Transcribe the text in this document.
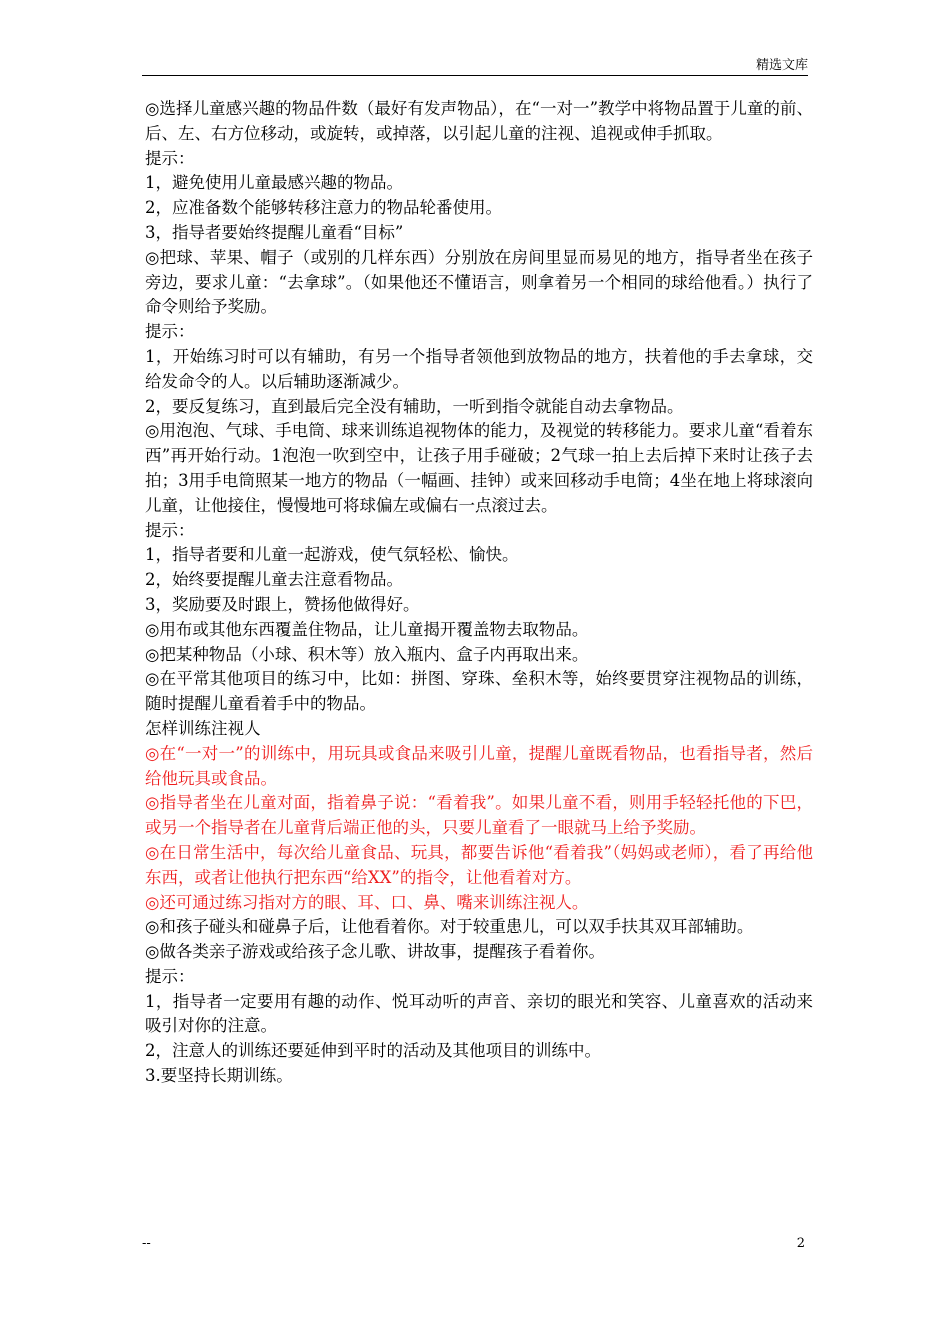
精选文库

◎选择儿童感兴趣的物品件数（最好有发声物品），在“一对一”教学中将物品置于儿童的前、后、左、右方位移动，或旋转，或掉落，以引起儿童的注视、追视或伸手抓取。

提示：

1，避免使用儿童最感兴趣的物品。

2，应准备数个能够转移注意力的物品轮番使用。

3，指导者要始终提醒儿童看“目标”

◎把球、苹果、帽子（或别的几样东西）分别放在房间里显而易见的地方，指导者坐在孩子旁边，要求儿童：“去拿球”。（如果他还不懂语言，则拿着另一个相同的球给他看。）执行了命令则给予奖励。

提示：

1，开始练习时可以有辅助，有另一个指导者领他到放物品的地方，扶着他的手去拿球，交给发命令的人。以后辅助逐渐减少。

2，要反复练习，直到最后完全没有辅助，一听到指令就能自动去拿物品。

◎用泡泡、气球、手电筒、球来训练追视物体的能力，及视觉的转移能力。要求儿童“看着东西”再开始行动。1泡泡一吹到空中，让孩子用手碰破；2气球一拍上去后掉下来时让孩子去拍；3用手电筒照某一地方的物品（一幅画、挂钟）或来回移动手电筒；4坐在地上将球滚向儿童，让他接住，慢慢地可将球偏左或偏右一点滚过去。

提示：

1，指导者要和儿童一起游戏，使气氛轻松、愉快。

2，始终要提醒儿童去注意看物品。

3，奖励要及时跟上，赞扬他做得好。

◎用布或其他东西覆盖住物品，让儿童揭开覆盖物去取物品。

◎把某种物品（小球、积木等）放入瓶内、盒子内再取出来。

◎在平常其他项目的练习中，比如：拼图、穿珠、垒积木等，始终要贯穿注视物品的训练，随时提醒儿童看着手中的物品。

怎样训练注视人

◎在“一对一”的训练中，用玩具或食品来吸引儿童，提醒儿童既看物品，也看指导者，然后给他玩具或食品。

◎指导者坐在儿童对面，指着鼻子说：“看着我”。如果儿童不看，则用手轻轻托他的下巴，或另一个指导者在儿童背后端正他的头，只要儿童看了一眼就马上给予奖励。

◎在日常生活中，每次给儿童食品、玩具，都要告诉他“看着我”（妈妈或老师），看了再给他东西，或者让他执行把东西“给XX”的指令，让他看着对方。

◎还可通过练习指对方的眼、耳、口、鼻、嘴来训练注视人。

◎和孩子碰头和碰鼻子后，让他看着你。对于较重患儿，可以双手扶其双耳部辅助。

◎做各类亲子游戏或给孩子念儿歌、讲故事，提醒孩子看着你。

提示：

1，指导者一定要用有趣的动作、悦耳动听的声音、亲切的眼光和笑容、儿童喜欢的活动来吸引对你的注意。

2，注意人的训练还要延伸到平时的活动及其他项目的训练中。

3.要坚持长期训练。

--	2
